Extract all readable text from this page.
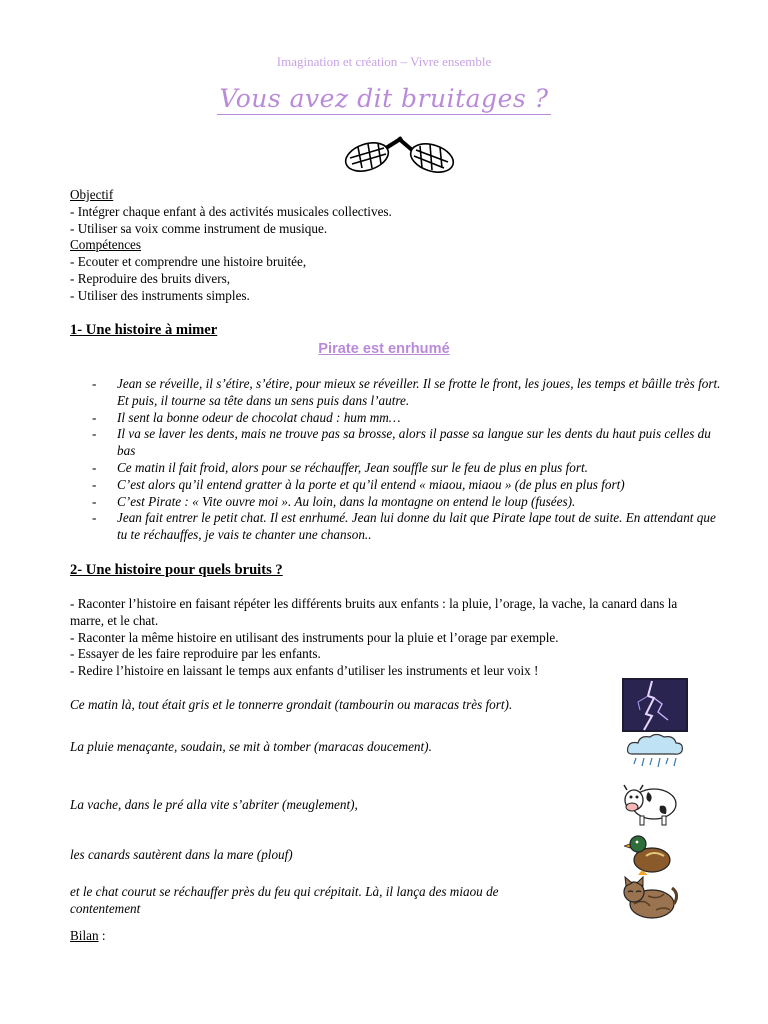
Imagination et création – Vivre ensemble
Vous avez dit bruitages ?
Objectif
- Intégrer chaque enfant à des activités musicales collectives.
- Utiliser sa voix comme instrument de musique.
Compétences
- Ecouter et comprendre une histoire bruitée,
- Reproduire des bruits divers,
- Utiliser des instruments simples.
1- Une histoire à mimer
Pirate est enrhumé
- Jean se réveille, il s’étire, s’étire, pour mieux se réveiller. Il se frotte le front, les joues, les temps et bâille très fort. Et puis, il tourne sa tête dans un sens puis dans l’autre.
- Il sent la bonne odeur de chocolat chaud : hum mm…
- Il va se laver les dents, mais ne trouve pas sa brosse, alors il passe sa langue sur les dents du haut puis celles du bas
- Ce matin il fait froid, alors pour se réchauffer, Jean souffle sur le feu de plus en plus fort.
- C’est alors qu’il entend gratter à la porte et qu’il entend « miaou, miaou » (de plus en plus fort)
- C’est Pirate : « Vite ouvre moi ». Au loin, dans la montagne on entend le loup (fusées).
- Jean fait entrer le petit chat. Il est enrhumé. Jean lui donne du lait que Pirate lape tout de suite. En attendant que tu te réchauffes, je vais te chanter une chanson..
2- Une histoire pour quels bruits ?
- Raconter l’histoire en faisant répéter les différents bruits aux enfants : la pluie, l’orage, la vache, la canard dans la marre, et le chat.
- Raconter la même histoire en utilisant des instruments pour la pluie et l’orage par exemple.
- Essayer de les faire reproduire par les enfants.
- Redire l’histoire en laissant le temps aux enfants d’utiliser les instruments et leur voix !
Ce matin là, tout était gris et le tonnerre grondait (tambourin ou maracas très fort).
La pluie menaçante, soudain, se mit à tomber (maracas doucement).
La vache, dans le pré alla vite s’abriter (meuglement),
les canards sautèrent dans la mare (plouf)
et le chat courut se réchauffer près du feu qui crépitait. Là, il lança des miaou de contentement
Bilan :
